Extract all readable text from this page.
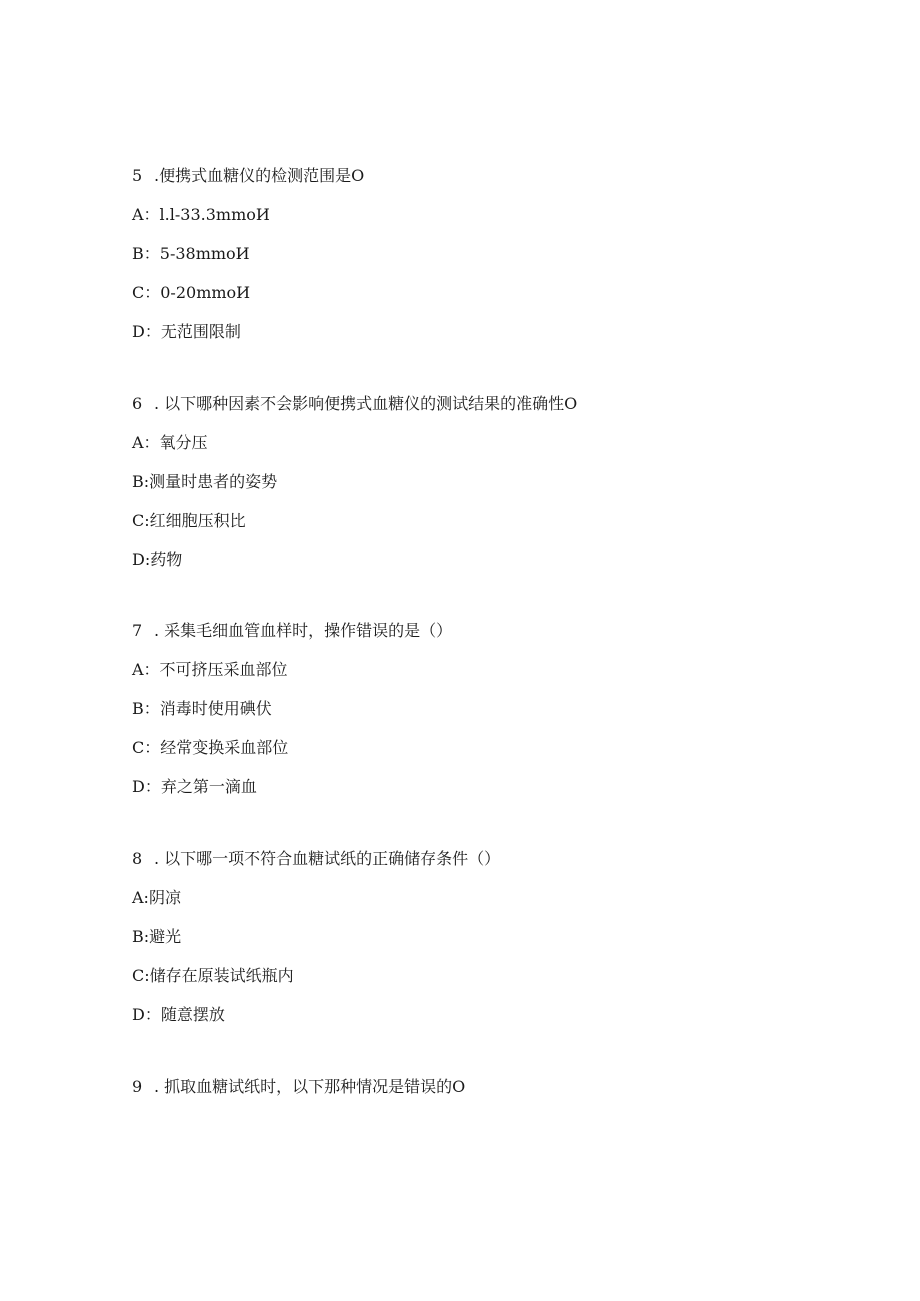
5 .便携式血糖仪的检测范围是O
A：l.l-33.3mmoИ
B：5-38mmoИ
C：0-20mmoИ
D：无范围限制
6 . 以下哪种因素不会影响便携式血糖仪的测试结果的准确性O
A：氧分压
B:测量时患者的姿势
C:红细胞压积比
D:药物
7 . 采集毛细血管血样时，操作错误的是（）
A：不可挤压采血部位
B：消毒时使用碘伏
C：经常变换采血部位
D：弃之第一滴血
8 . 以下哪一项不符合血糖试纸的正确储存条件（）
A:阴凉
B:避光
C:储存在原装试纸瓶内
D：随意摆放
9 . 抓取血糖试纸时，以下那种情况是错误的O
